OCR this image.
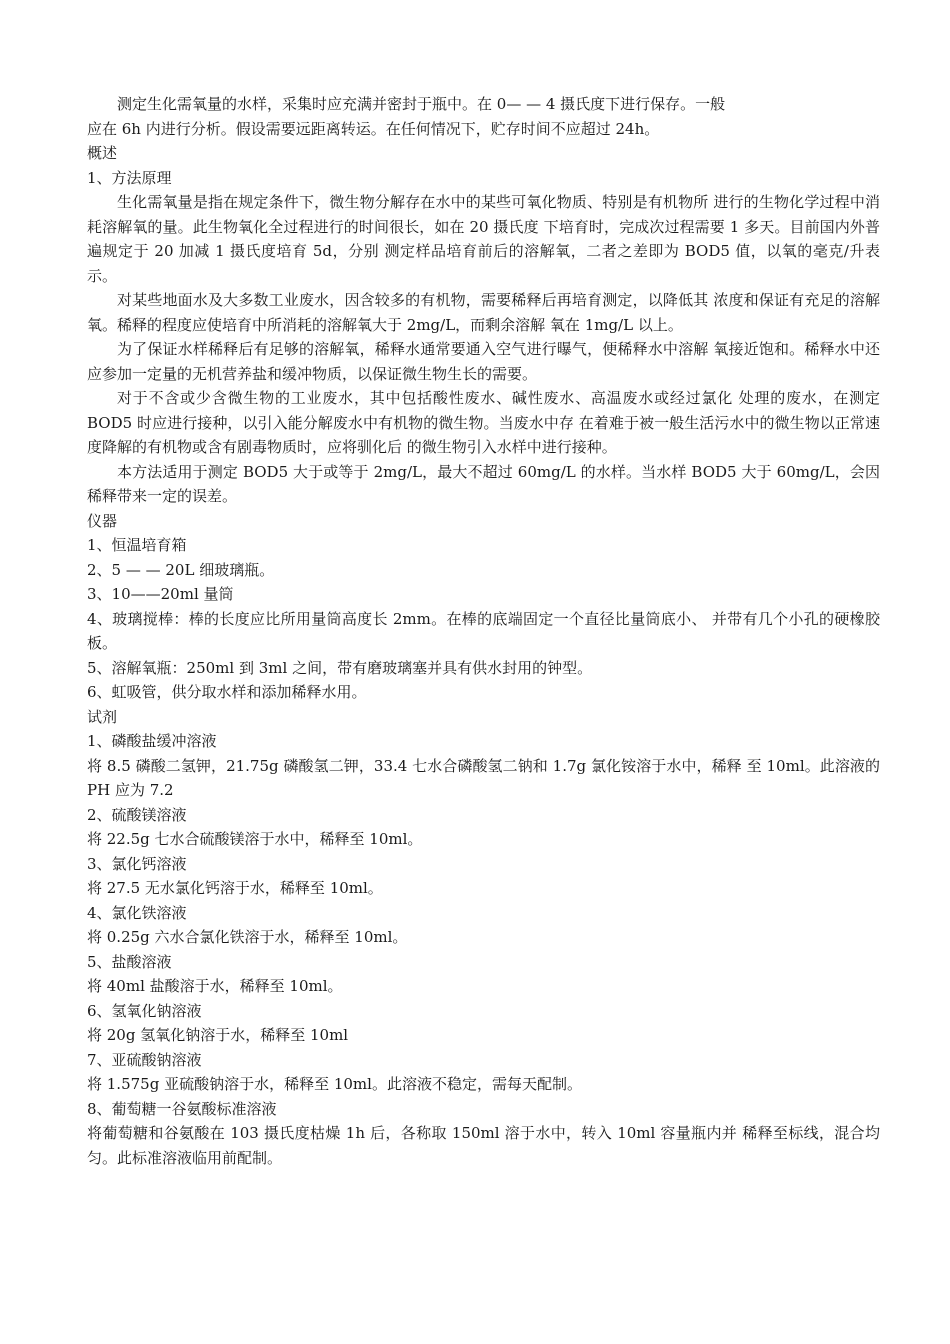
测定生化需氧量的水样，采集时应充满并密封于瓶中。在 0— — 4 摄氏度下进行保存。一般

应在 6h 内进行分析。假设需要远距离转运。在任何情况下，贮存时间不应超过 24h。

概述

1、方法原理

生化需氧量是指在规定条件下，微生物分解存在水中的某些可氧化物质、特别是有机物所 进行的生物化学过程中消耗溶解氧的量。此生物氧化全过程进行的时间很长，如在 20 摄氏度 下培育时，完成次过程需要 1 多天。目前国内外普遍规定于 20 加减 1 摄氏度培育 5d，分别 测定样品培育前后的溶解氧，二者之差即为 BOD5 值，以氧的毫克/升表示。

对某些地面水及大多数工业废水，因含较多的有机物，需要稀释后再培育测定，以降低其 浓度和保证有充足的溶解氧。稀释的程度应使培育中所消耗的溶解氧大于 2mg/L，而剩余溶解 氧在 1mg/L 以上。

为了保证水样稀释后有足够的溶解氧，稀释水通常要通入空气进行曝气，便稀释水中溶解 氧接近饱和。稀释水中还应参加一定量的无机营养盐和缓冲物质，以保证微生物生长的需要。

对于不含或少含微生物的工业废水，其中包括酸性废水、碱性废水、高温废水或经过氯化 处理的废水，在测定 BOD5 时应进行接种，以引入能分解废水中有机物的微生物。当废水中存 在着难于被一般生活污水中的微生物以正常速度降解的有机物或含有剧毒物质时，应将驯化后 的微生物引入水样中进行接种。

本方法适用于测定 BOD5 大于或等于 2mg/L，最大不超过 60mg/L 的水样。当水样 BOD5 大于 60mg/L，会因稀释带来一定的误差。

仪器

1、恒温培育箱

2、5 — — 20L 细玻璃瓶。

3、10——20ml 量筒

4、玻璃搅棒：棒的长度应比所用量筒高度长 2mm。在棒的底端固定一个直径比量筒底小、 并带有几个小孔的硬橡胶板。

5、溶解氧瓶：250ml 到 3ml 之间，带有磨玻璃塞并具有供水封用的钟型。

6、虹吸管，供分取水样和添加稀释水用。

试剂

1、磷酸盐缓冲溶液

将 8.5 磷酸二氢钾，21.75g 磷酸氢二钾，33.4 七水合磷酸氢二钠和 1.7g 氯化铵溶于水中，稀释 至 10ml。此溶液的 PH 应为 7.2

2、硫酸镁溶液

将 22.5g 七水合硫酸镁溶于水中，稀释至 10ml。

3、氯化钙溶液

将 27.5 无水氯化钙溶于水，稀释至 10ml。

4、氯化铁溶液

将 0.25g 六水合氯化铁溶于水，稀释至 10ml。

5、盐酸溶液

将 40ml 盐酸溶于水，稀释至 10ml。

6、氢氧化钠溶液

将 20g 氢氧化钠溶于水，稀释至 10ml

7、亚硫酸钠溶液

将 1.575g 亚硫酸钠溶于水，稀释至 10ml。此溶液不稳定，需每天配制。

8、葡萄糖一谷氨酸标准溶液

将葡萄糖和谷氨酸在 103 摄氏度枯燥 1h 后，各称取 150ml 溶于水中，转入 10ml 容量瓶内并 稀释至标线，混合均匀。此标准溶液临用前配制。
